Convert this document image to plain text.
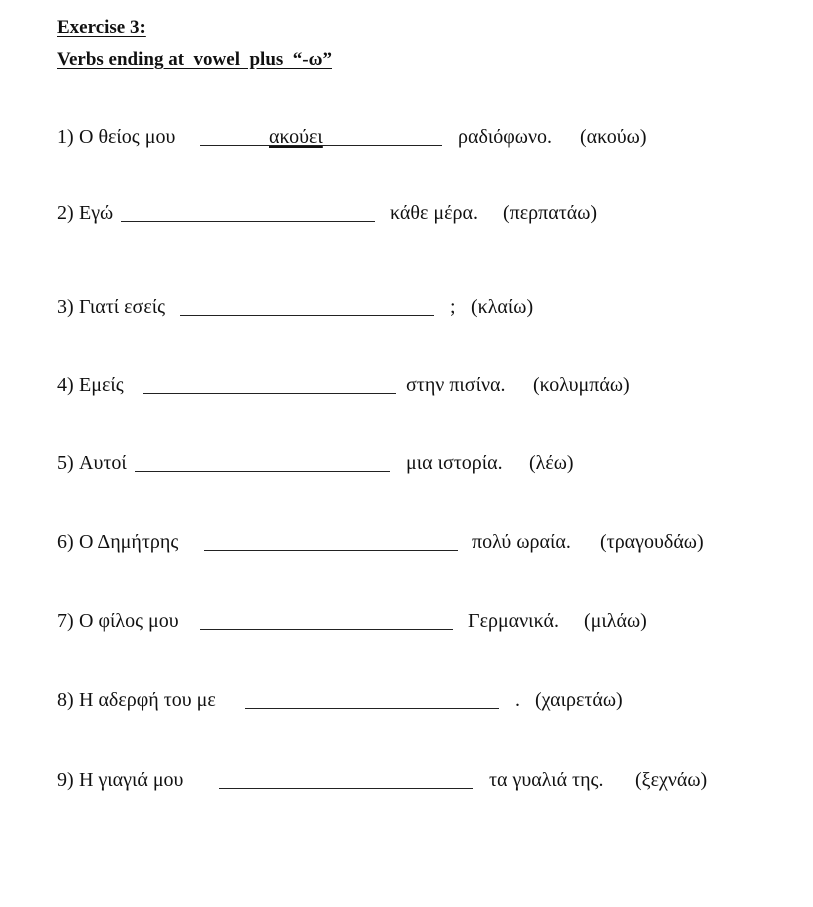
Exercise 3:
Verbs ending at  vowel  plus  “-ω”

1)

Ο θείος μου

	ακούει

	ραδιόφωνο.

(ακούω)

2)

Εγώ

	κάθε μέρα.

(περπατάω)

3)

Γιατί εσείς

	;

(κλαίω)

4)

Εμείς

	στην πισίνα.

(κολυμπάω)

5)

Αυτοί

	μια ιστορία.

(λέω)

6)

Ο Δημήτρης

	πολύ ωραία.

(τραγουδάω)

7)

Ο φίλος μου

	Γερμανικά.

(μιλάω)

8)

Η αδερφή του με

	.

(χαιρετάω)

9)

Η γιαγιά μου

	τα γυαλιά της.

(ξεχνάω)
